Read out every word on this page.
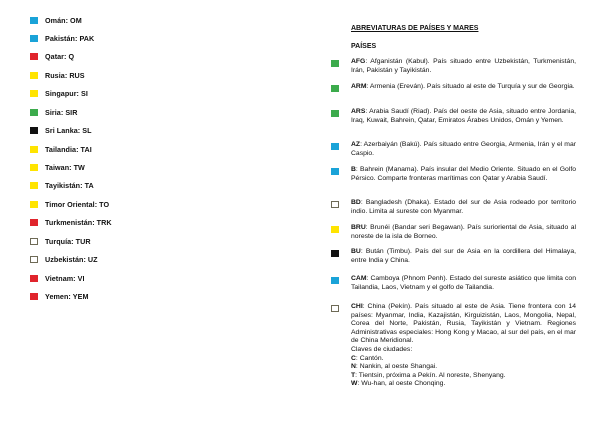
Omán: OM
Pakistán: PAK
Qatar: Q
Rusia: RUS
Singapur: SI
Siria: SIR
Sri Lanka: SL
Tailandia: TAI
Taiwan: TW
Tayikistán: TA
Timor Oriental: TO
Turkmenistán: TRK
Turquía: TUR
Uzbekistán: UZ
Vietnam: VI
Yemen: YEM
ABREVIATURAS DE PAÍSES Y MARES
PAÍSES
AFG: Afganistán (Kabul). País situado entre Uzbekistán, Turkmenistán, Irán, Pakistán y Tayikistán.
ARM: Armenia (Ereván). País situado al este de Turquía y sur de Georgia.
ARS: Arabia Saudí (Riad). País del oeste de Asia, situado entre Jordania, Iraq, Kuwait, Bahrein, Qatar, Emiratos Árabes Unidos, Omán y Yemen.
AZ: Azerbaiyán (Bakú). País situado entre Georgia, Armenia, Irán y el mar Caspio.
B: Bahrein (Manama). País insular del Medio Oriente. Situado en el Golfo Pérsico. Comparte fronteras marítimas con Qatar y Arabia Saudí.
BD: Bangladesh (Dhaka). Estado del sur de Asia rodeado por territorio indio. Limita al sureste con Myanmar.
BRU: Brunéi (Bandar seri Begawan). País surioriental de Asia, situado al noreste de la isla de Borneo.
BU: Bután (Timbu). País del sur de Asia en la cordillera del Himalaya, entre India y China.
CAM: Camboya (Phnom Penh). Estado del sureste asiático que limita con Tailandia, Laos, Vietnam y el golfo de Tailandia.
CHI: China (Pekín). País situado al este de Asia. Tiene frontera con 14 países: Myanmar, India, Kazajistán, Kirguizistán, Laos, Mongolia, Nepal, Corea del Norte, Pakistán, Rusia, Tayikistán y Vietnam. Regiones Administrativas especiales: Hong Kong y Macao, al sur del país, en el mar de China Meridional.
Claves de ciudades:
C: Cantón.
N: Nankin, al oeste Shangai.
T: Tientsin, próxima a Pekín. Al noreste, Shenyang.
W: Wu-han, al oeste Chonqing.
